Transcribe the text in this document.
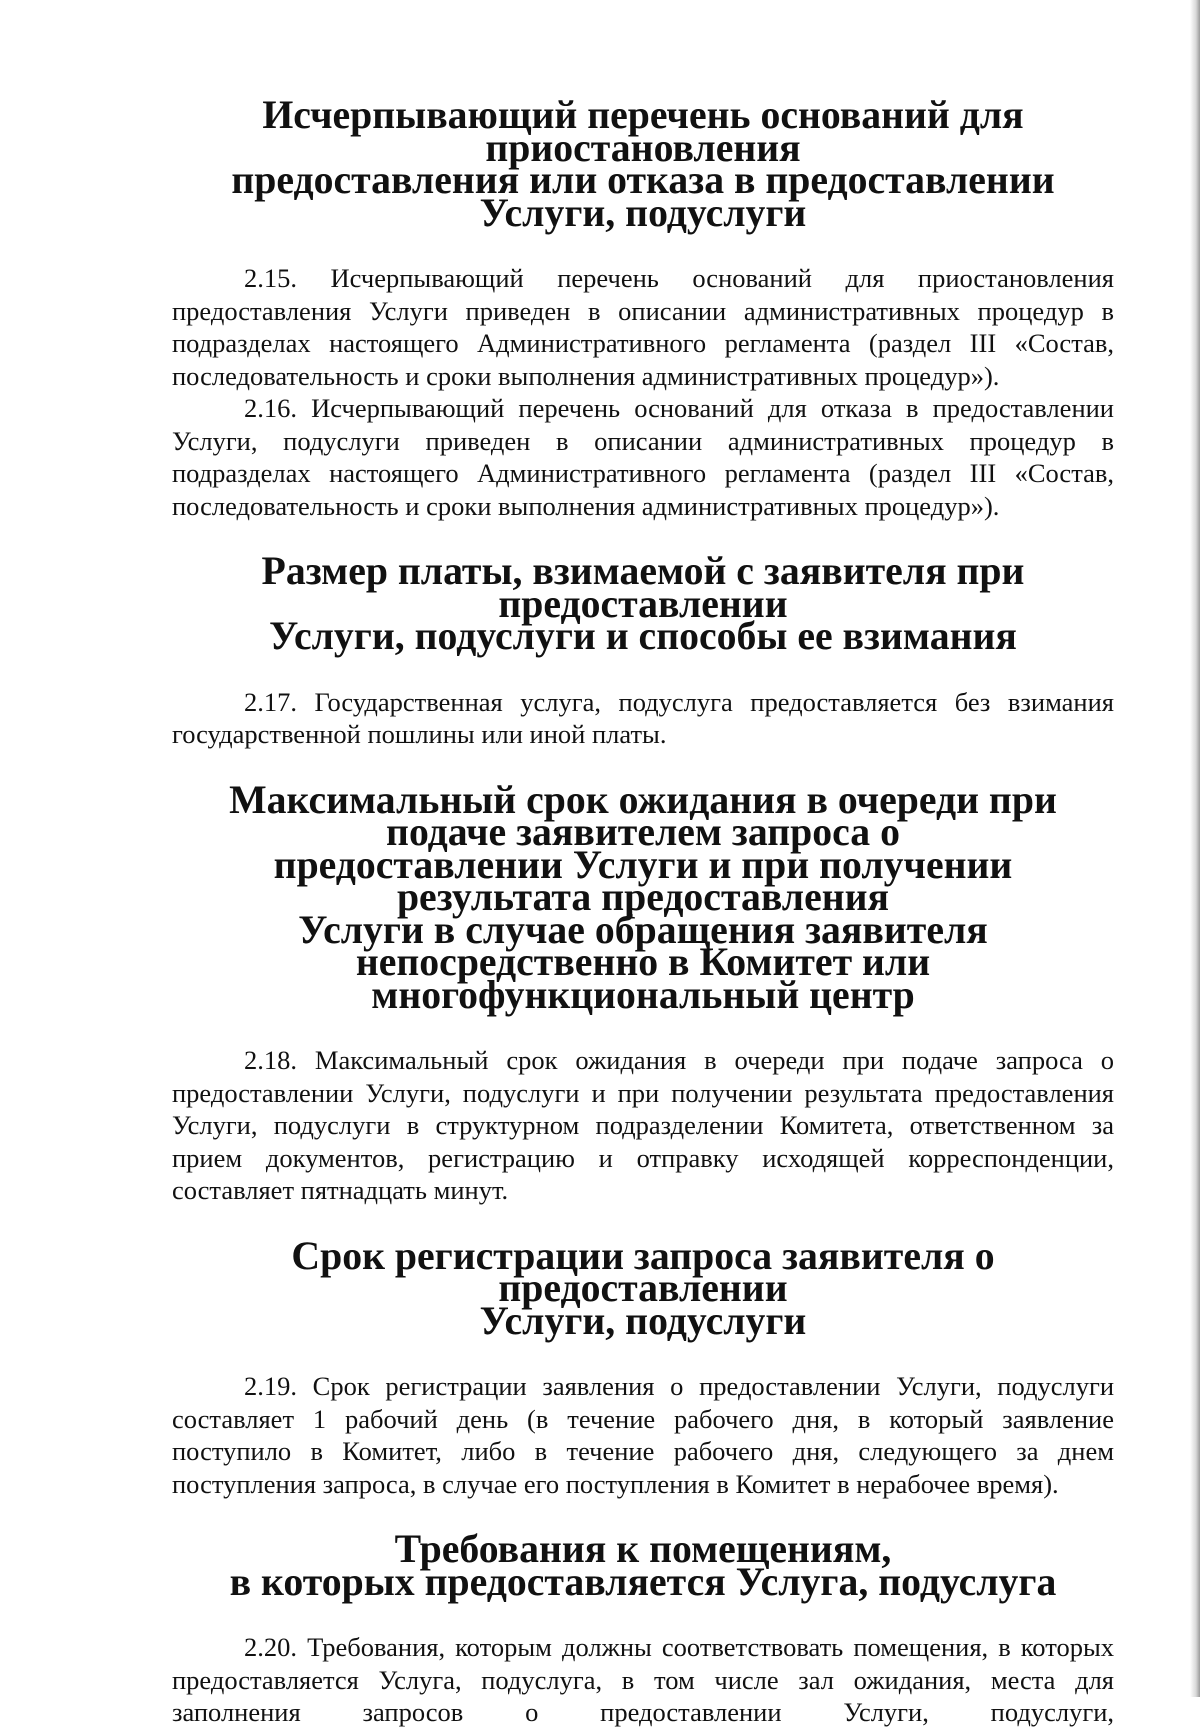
Исчерпывающий перечень оснований для приостановления
предоставления или отказа в предоставлении Услуги, подуслуги

2.15. Исчерпывающий перечень оснований для приостановления предоставления Услуги приведен в описании административных процедур в подразделах настоящего Административного регламента (раздел III «Состав, последовательность и сроки выполнения административных процедур»).

2.16. Исчерпывающий перечень оснований для отказа в предоставлении Услуги, подуслуги приведен в описании административных процедур в подразделах настоящего Административного регламента (раздел III «Состав, последовательность и сроки выполнения административных процедур»).

Размер платы, взимаемой с заявителя при предоставлении
Услуги, подуслуги и способы ее взимания

2.17. Государственная услуга, подуслуга предоставляется без взимания государственной пошлины или иной платы.

Максимальный срок ожидания в очереди при подаче заявителем запроса о
предоставлении Услуги и при получении результата предоставления
Услуги в случае обращения заявителя непосредственно в Комитет или
многофункциональный центр

2.18. Максимальный срок ожидания в очереди при подаче запроса о предоставлении Услуги, подуслуги и при получении результата предоставления Услуги, подуслуги в структурном подразделении Комитета, ответственном за прием документов, регистрацию и отправку исходящей корреспонденции, составляет пятнадцать минут.

Срок регистрации запроса заявителя о предоставлении
Услуги, подуслуги

2.19. Срок регистрации заявления о предоставлении Услуги, подуслуги составляет 1 рабочий день (в течение рабочего дня, в который заявление поступило в Комитет, либо в течение рабочего дня, следующего за днем поступления запроса, в случае его поступления в Комитет в нерабочее время).

Требования к помещениям,
в которых предоставляется Услуга, подуслуга

2.20. Требования, которым должны соответствовать помещения, в которых предоставляется Услуга, подуслуга, в том числе зал ожидания, места для заполнения запросов о предоставлении Услуги, подуслуги,
